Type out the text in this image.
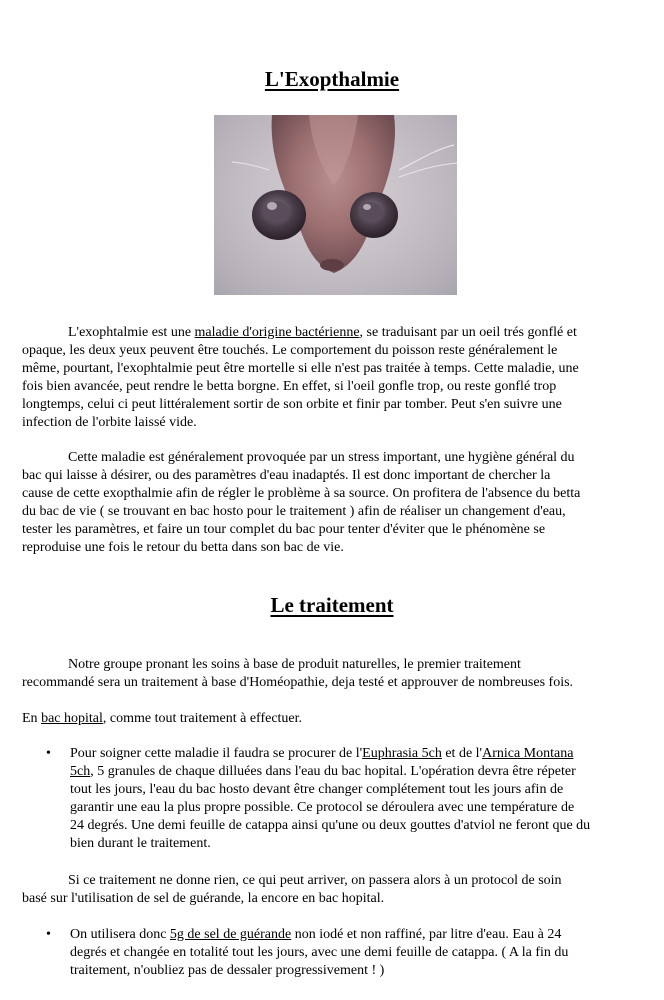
L'Exopthalmie
L'exophtalmie est une maladie d'origine bactérienne, se traduisant par un oeil trés gonflé et
opaque, les deux yeux peuvent être touchés. Le comportement du poisson reste généralement le
même, pourtant, l'exophtalmie peut être mortelle si elle n'est pas traitée à temps. Cette maladie, une
fois bien avancée, peut rendre le betta borgne. En effet, si l'oeil gonfle trop, ou reste gonflé trop
longtemps, celui ci peut littéralement sortir de son orbite et finir par tomber. Peut s'en suivre une
infection de l'orbite laissé vide.
Cette maladie est généralement provoquée par un stress important, une hygiène général du
bac qui laisse à désirer, ou des paramètres d'eau inadaptés. Il est donc important de chercher la
cause de cette exopthalmie afin de régler le problème à sa source. On profitera de l'absence du betta
du bac de vie ( se trouvant en bac hosto pour le traitement ) afin de réaliser un changement d'eau,
tester les paramètres, et faire un tour complet du bac pour tenter d'éviter que le phénomène se
reproduise une fois le retour du betta dans son bac de vie.
Le traitement
Notre groupe pronant les soins à base de produit naturelles, le premier traitement
recommandé sera un traitement à base d'Homéopathie, deja testé et approuver de nombreuses fois.
En bac hopital, comme tout traitement à effectuer.
• Pour soigner cette maladie il faudra se procurer de l'Euphrasia 5ch et de l'Arnica Montana
5ch, 5 granules de chaque dilluées dans l'eau du bac hopital. L'opération devra être répeter
tout les jours, l'eau du bac hosto devant être changer complétement tout les jours afin de
garantir une eau la plus propre possible. Ce protocol se déroulera avec une température de
24 degrés. Une demi feuille de catappa ainsi qu'une ou deux gouttes d'atviol ne feront que du
bien durant le traitement.
Si ce traitement ne donne rien, ce qui peut arriver, on passera alors à un protocol de soin
basé sur l'utilisation de sel de guérande, la encore en bac hopital.
• On utilisera donc 5g de sel de guérande non iodé et non raffiné, par litre d'eau. Eau à 24
degrés et changée en totalité tout les jours, avec une demi feuille de catappa. ( A la fin du
traitement, n'oubliez pas de dessaler progressivement ! )
